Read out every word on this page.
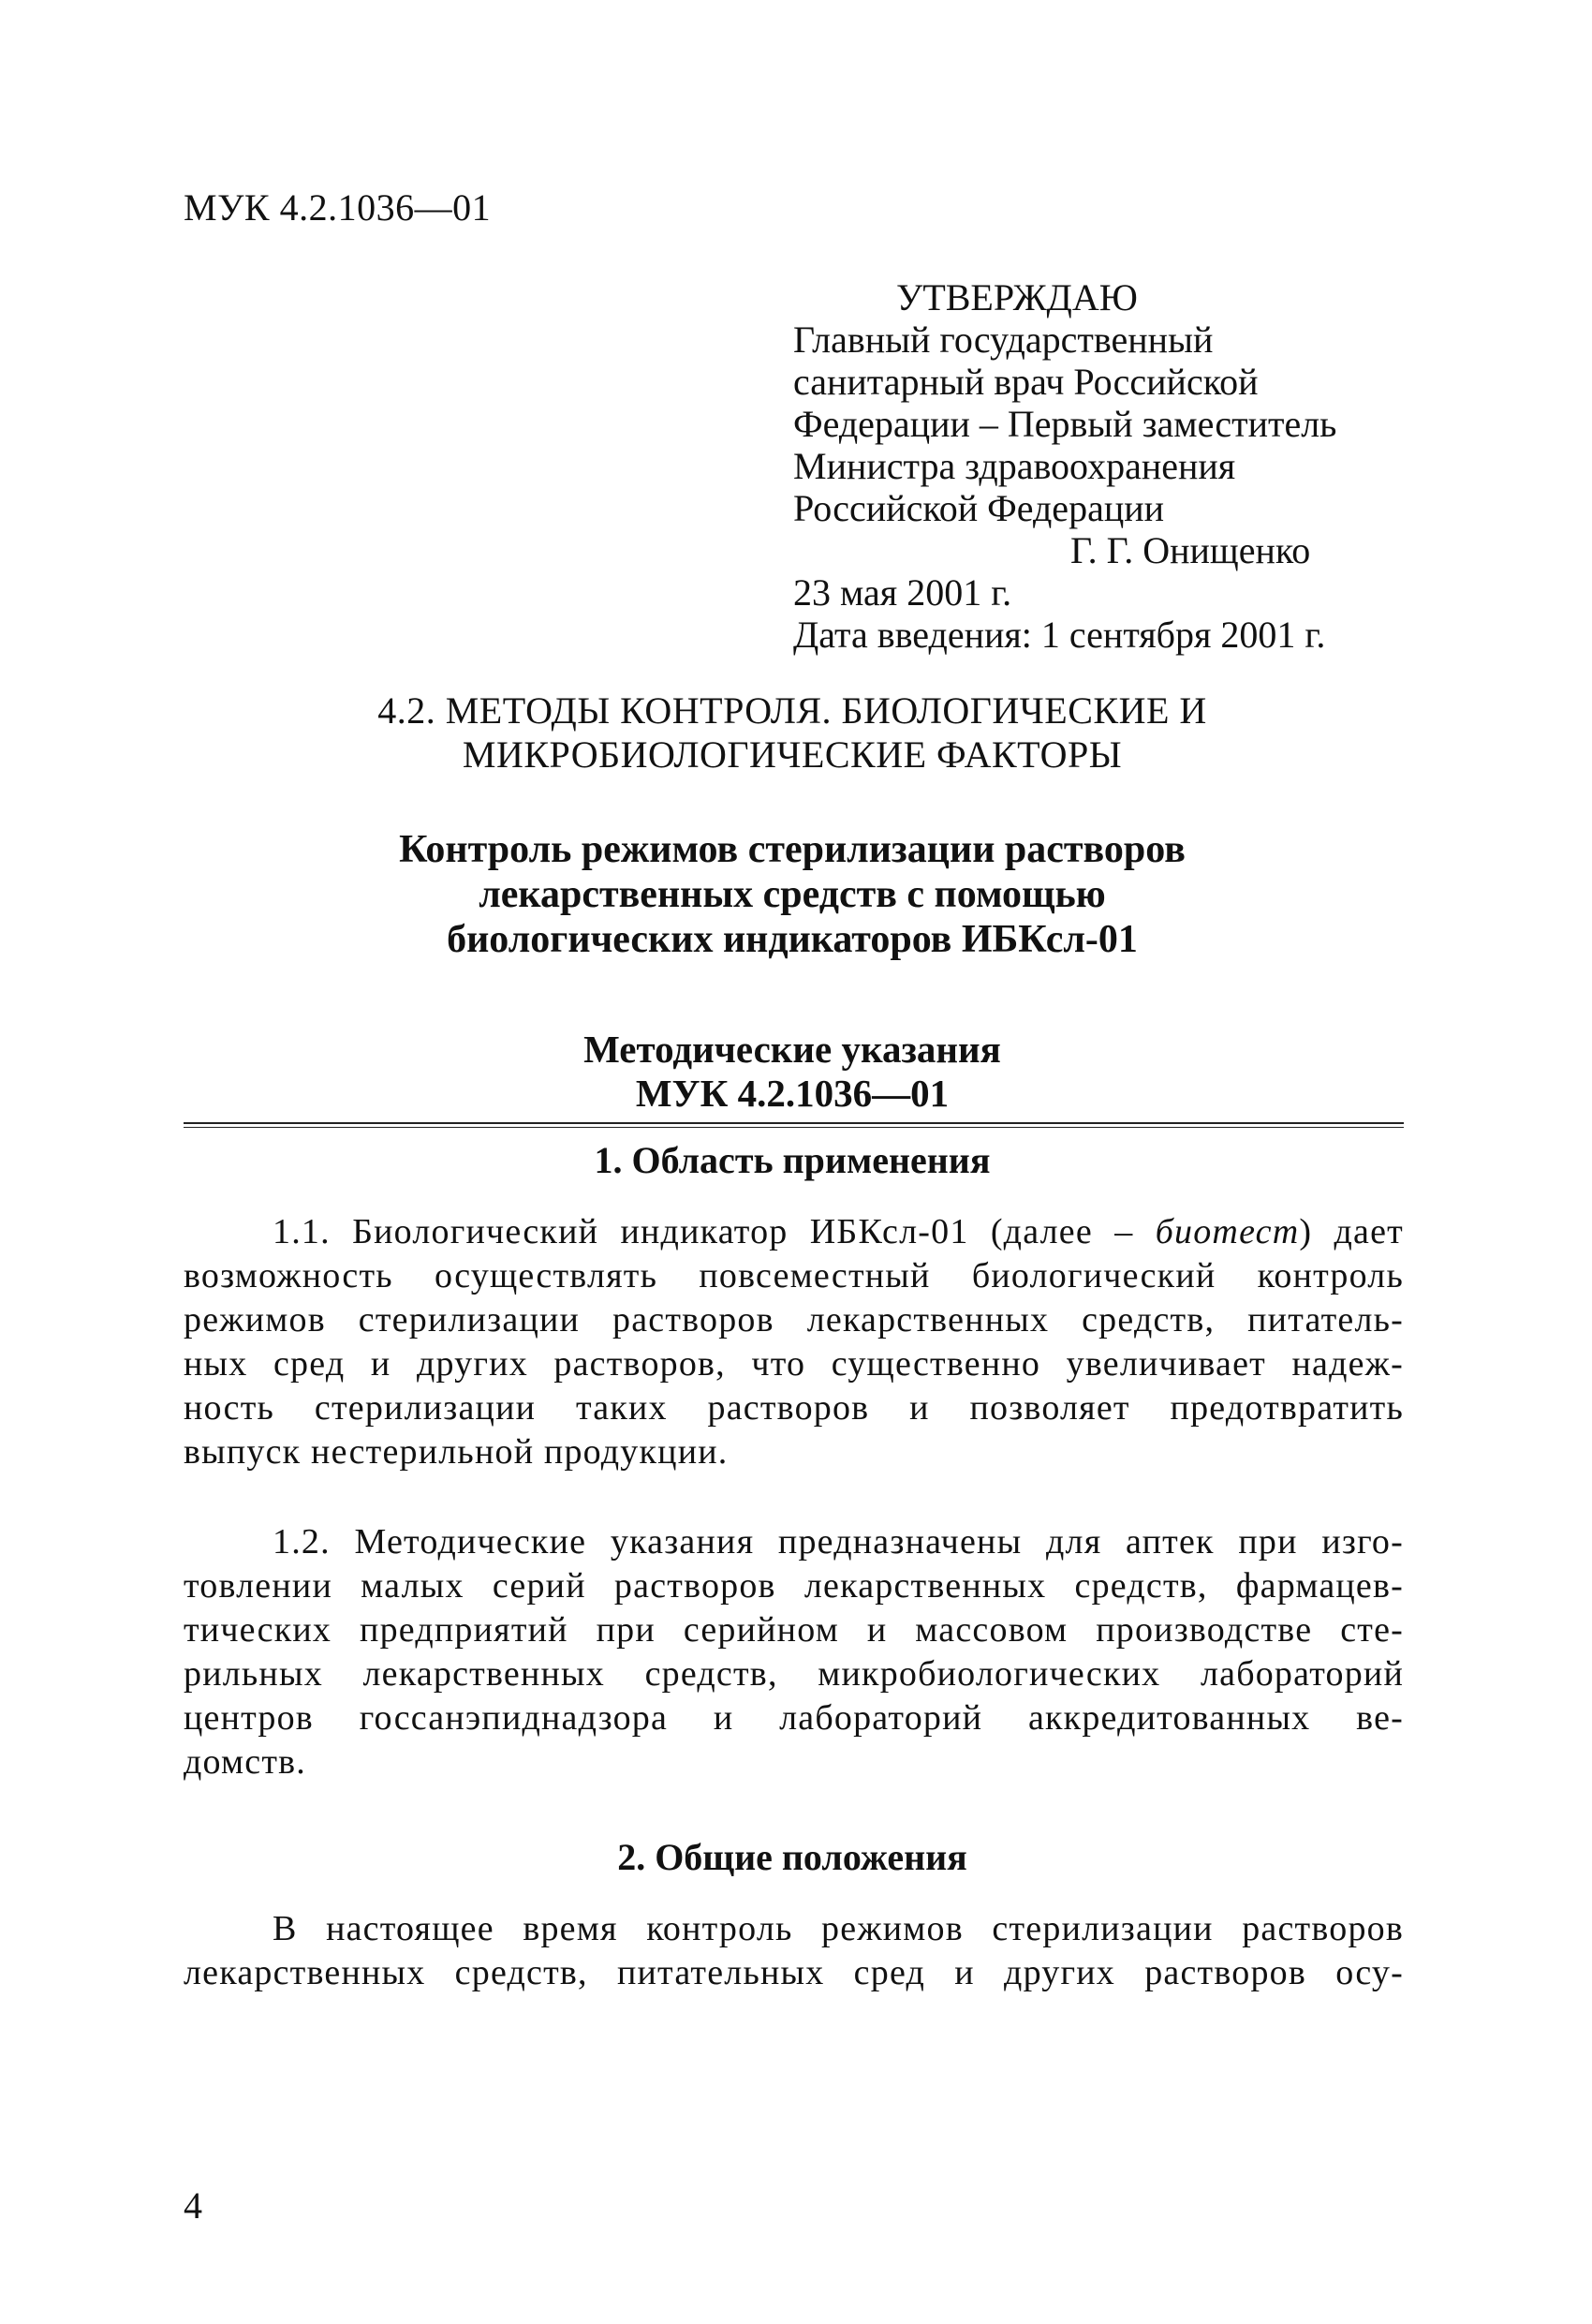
МУК 4.2.1036—01
УТВЕРЖДАЮ
Главный государственный
санитарный врач Российской
Федерации – Первый заместитель
Министра здравоохранения
Российской Федерации
Г. Г. Онищенко
23 мая 2001 г.
Дата введения: 1 сентября 2001 г.
4.2. МЕТОДЫ КОНТРОЛЯ. БИОЛОГИЧЕСКИЕ И
МИКРОБИОЛОГИЧЕСКИЕ ФАКТОРЫ
Контроль режимов стерилизации растворов
лекарственных средств с помощью
биологических индикаторов ИБКсл-01
Методические указания
МУК 4.2.1036—01
1. Область применения
1.1. Биологический индикатор ИБКсл-01 (далее – биотест) дает
возможность осуществлять повсеместный биологический контроль
режимов стерилизации растворов лекарственных средств, питатель-
ных сред и других растворов, что существенно увеличивает надеж-
ность стерилизации таких растворов и позволяет предотвратить
выпуск нестерильной продукции.
1.2. Методические указания предназначены для аптек при изго-
товлении малых серий растворов лекарственных средств, фармацев-
тических предприятий при серийном и массовом производстве сте-
рильных лекарственных средств, микробиологических лабораторий
центров госсанэпиднадзора и лабораторий аккредитованных ве-
домств.
2. Общие положения
В настоящее время контроль режимов стерилизации растворов
лекарственных средств, питательных сред и других растворов осу-
4
